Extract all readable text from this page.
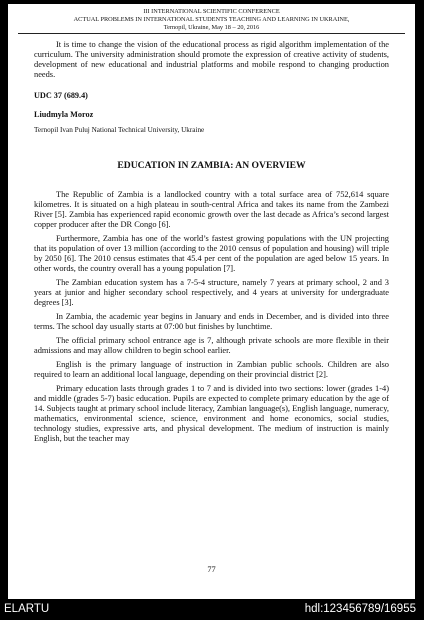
III INTERNATIONAL SCIENTIFIC CONFERENCE
ACTUAL PROBLEMS IN INTERNATIONAL STUDENTS TEACHING AND LEARNING IN UKRAINE,
Ternopil, Ukraine, May 18 – 20, 2016

It is time to change the vision of the educational process as rigid algorithm implementation of the curriculum. The university administration should promote the expression of creative activity of students, development of new educational and industrial platforms and mobile respond to changing production needs.

UDC 37 (689.4)

Liudmyla Moroz

Ternopil Ivan Puluj National Technical University, Ukraine

EDUCATION IN ZAMBIA: AN OVERVIEW

The Republic of Zambia is a landlocked country with a total surface area of 752,614 square kilometres. It is situated on a high plateau in south-central Africa and takes its name from the Zambezi River [5]. Zambia has experienced rapid economic growth over the last decade as Africa’s second largest copper producer after the DR Congo [6].

Furthermore, Zambia has one of the world’s fastest growing populations with the UN projecting that its population of over 13 million (according to the 2010 census of population and housing) will triple by 2050 [6]. The 2010 census estimates that 45.4 per cent of the population are aged below 15 years. In other words, the country overall has a young population [7].

The Zambian education system has a 7-5-4 structure, namely 7 years at primary school, 2 and 3 years at junior and higher secondary school respectively, and 4 years at university for undergraduate degrees [3].

In Zambia, the academic year begins in January and ends in December, and is divided into three terms. The school day usually starts at 07:00 but finishes by lunchtime.

The official primary school entrance age is 7, although private schools are more flexible in their admissions and may allow children to begin school earlier.

English is the primary language of instruction in Zambian public schools. Children are also required to learn an additional local language, depending on their provincial district [2].

Primary education lasts through grades 1 to 7 and is divided into two sections: lower (grades 1-4) and middle (grades 5-7) basic education. Pupils are expected to complete primary education by the age of 14. Subjects taught at primary school include literacy, Zambian language(s), English language, numeracy, mathematics, environmental science, science, environment and home economics, social studies, technology studies, expressive arts, and physical development. The medium of instruction is mainly English, but the teacher may

77
ELARTU	hdl:123456789/16955
